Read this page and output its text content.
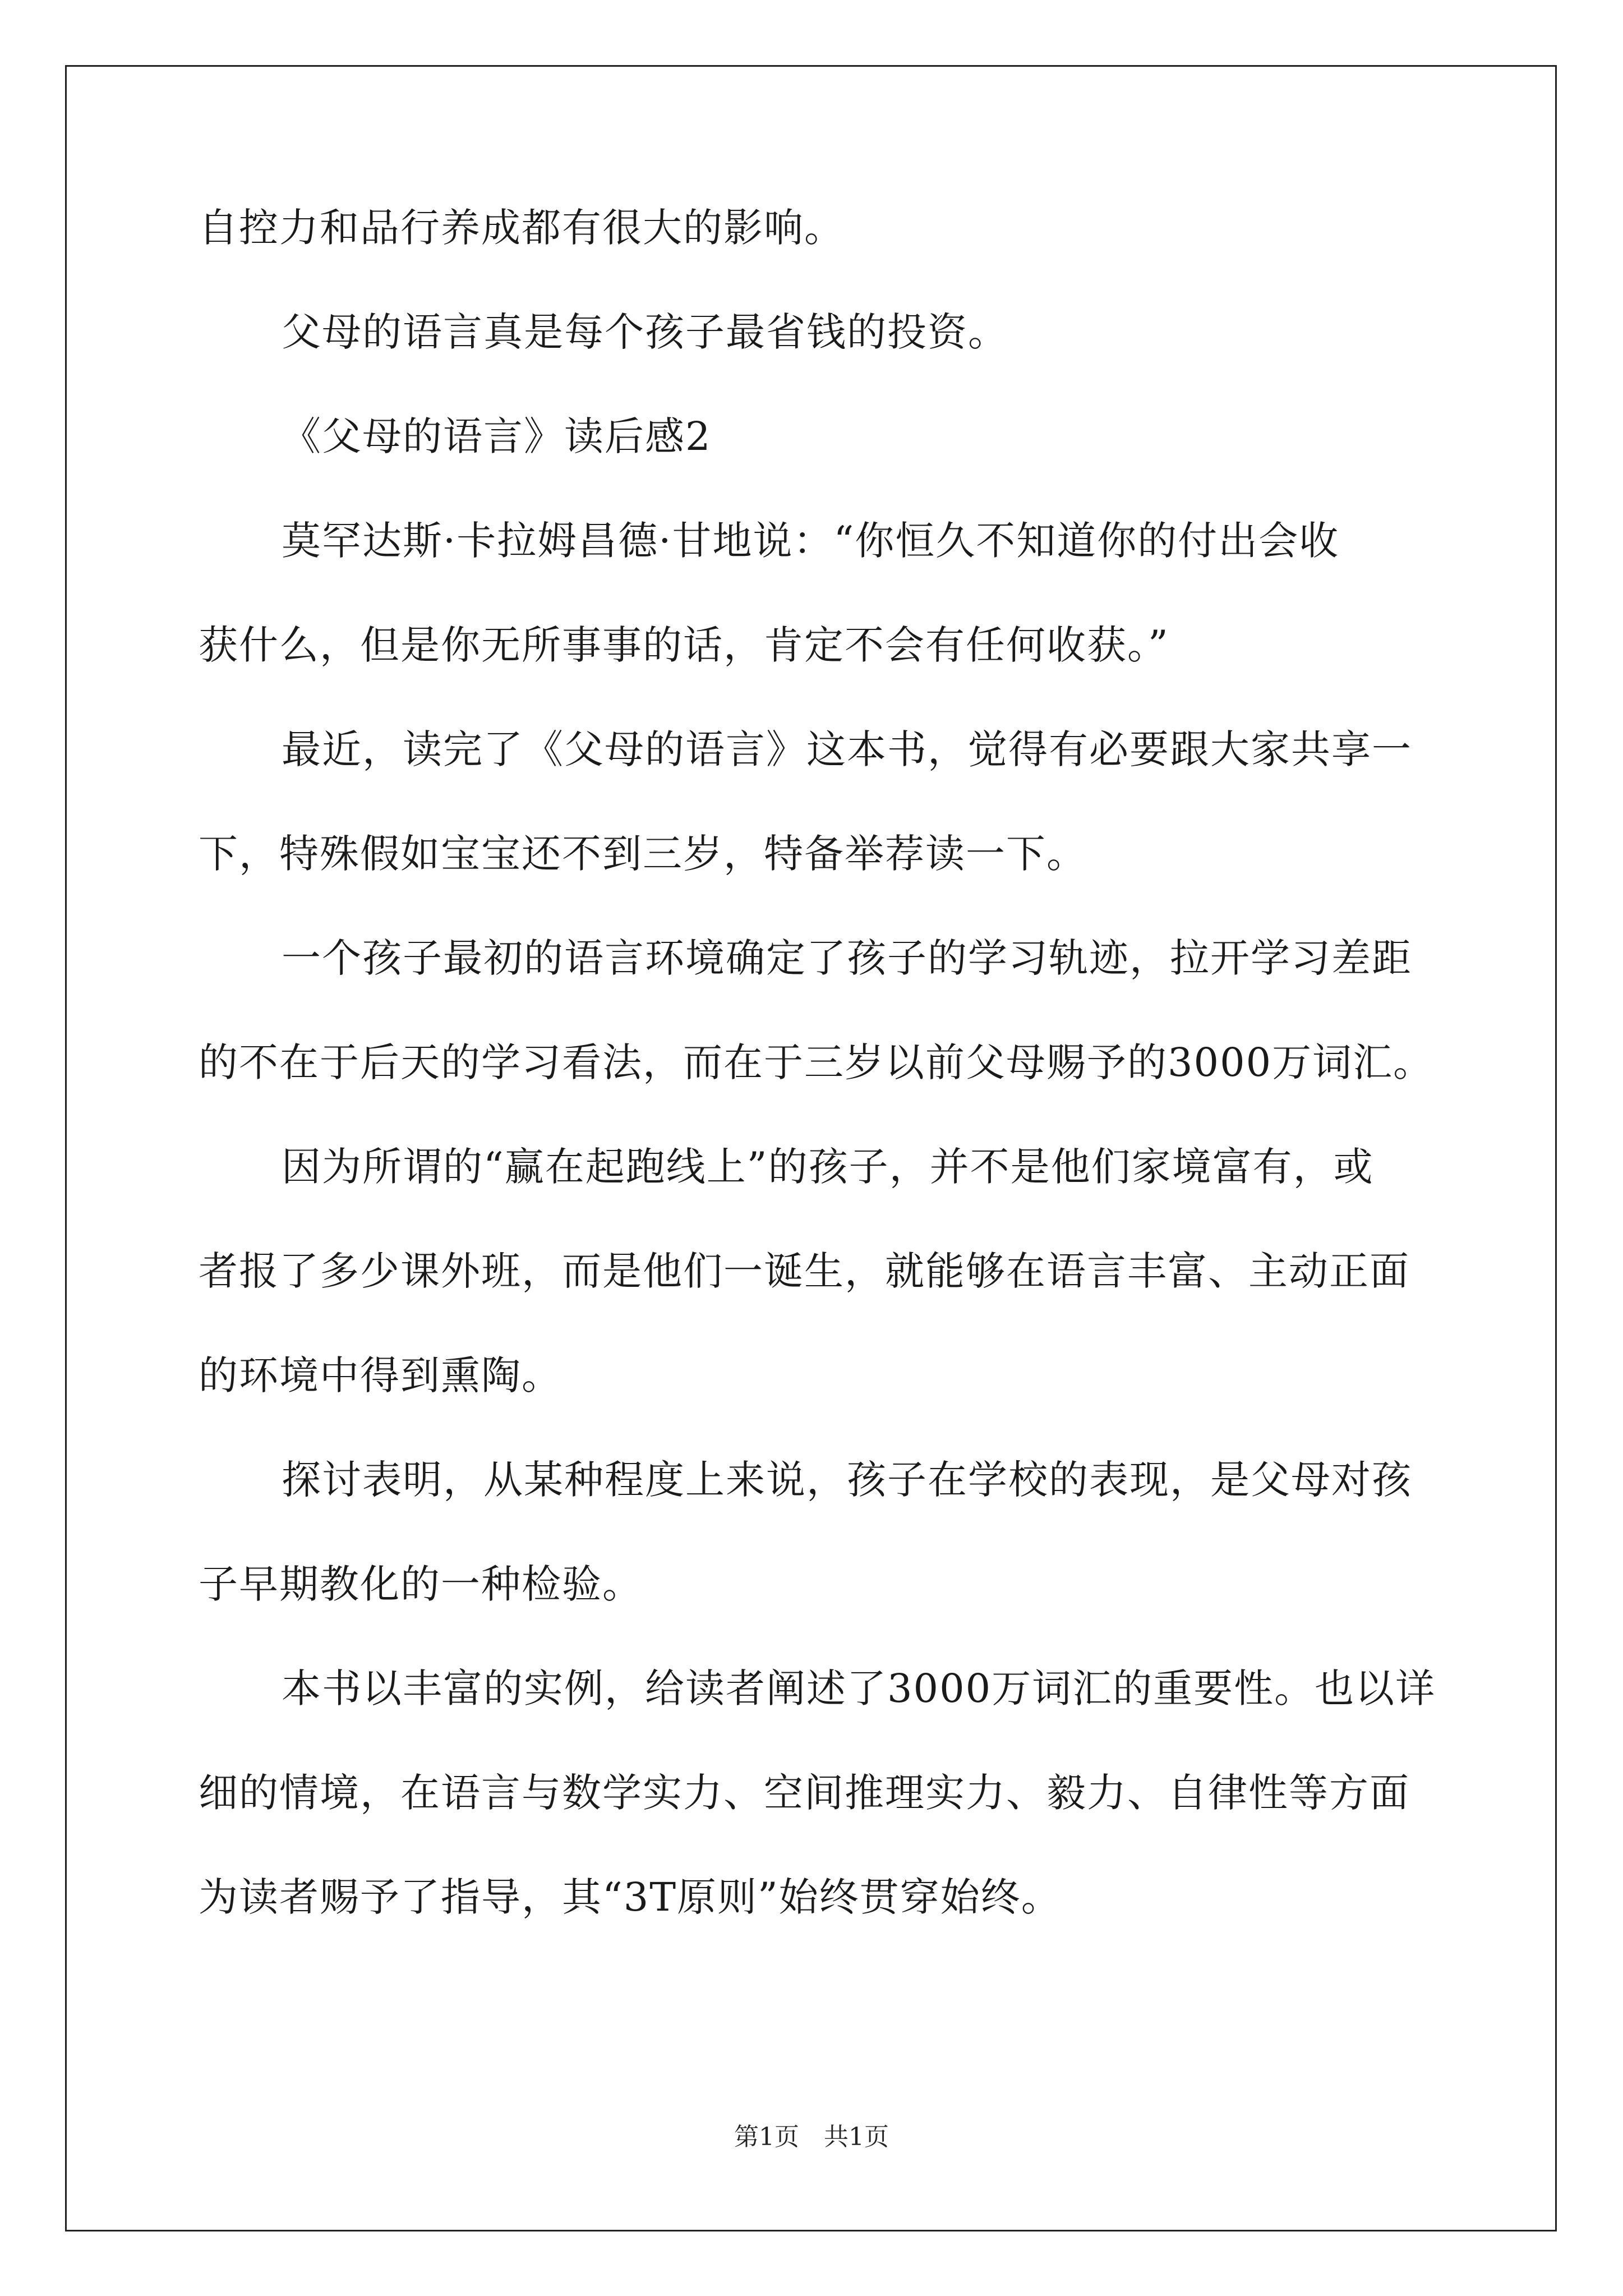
自控力和品行养成都有很大的影响。
父母的语言真是每个孩子最省钱的投资。
《父母的语言》读后感2
莫罕达斯·卡拉姆昌德·甘地说：“你恒久不知道你的付出会收
获什么，但是你无所事事的话，肯定不会有任何收获。”
最近，读完了《父母的语言》这本书，觉得有必要跟大家共享一
下，特殊假如宝宝还不到三岁，特备举荐读一下。
一个孩子最初的语言环境确定了孩子的学习轨迹，拉开学习差距
的不在于后天的学习看法，而在于三岁以前父母赐予的3000万词汇。
因为所谓的“赢在起跑线上”的孩子，并不是他们家境富有，或
者报了多少课外班，而是他们一诞生，就能够在语言丰富、主动正面
的环境中得到熏陶。
探讨表明，从某种程度上来说，孩子在学校的表现，是父母对孩
子早期教化的一种检验。
本书以丰富的实例，给读者阐述了3000万词汇的重要性。也以详
细的情境，在语言与数学实力、空间推理实力、毅力、自律性等方面
为读者赐予了指导，其“3T原则”始终贯穿始终。
第1页　共1页
